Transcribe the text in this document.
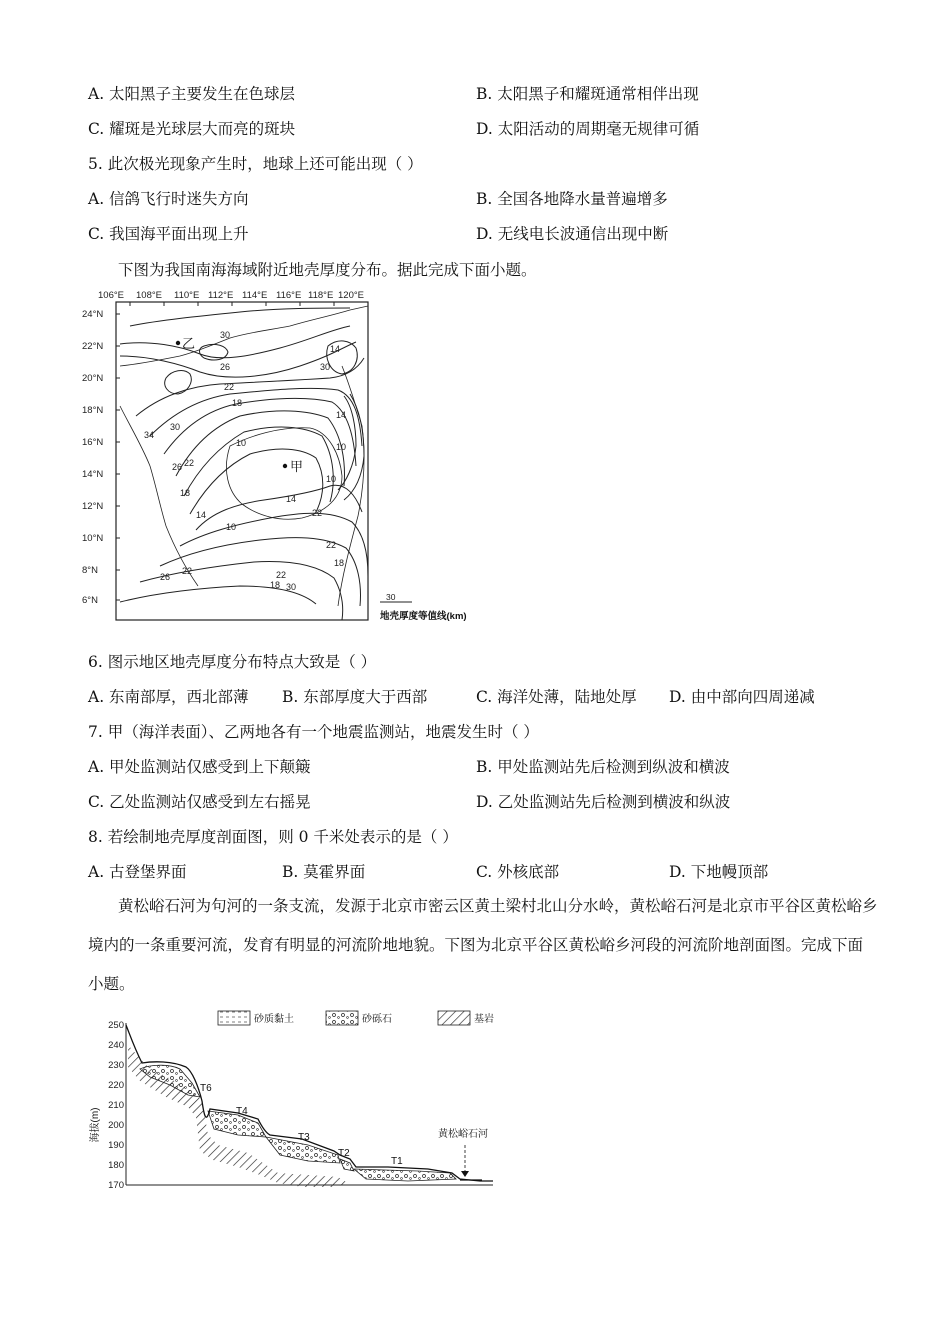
A. 太阳黑子主要发生在色球层	B. 太阳黑子和耀斑通常相伴出现
C. 耀斑是光球层大而亮的斑块	D. 太阳活动的周期毫无规律可循
5. 此次极光现象产生时，地球上还可能出现（ ）
A. 信鸽飞行时迷失方向	B. 全国各地降水量普遍增多
C. 我国海平面出现上升	D. 无线电长波通信出现中断
下图为我国南海海域附近地壳厚度分布。据此完成下面小题。
106°E 108°E 110°E 112°E 114°E 116°E 118°E 120°E
24°N
22°N
20°N
18°N
16°N
14°N
12°N
10°N
8°N
6°N
30
14
30
26
22
18
30
10
34
26 22
18
14
10
22
14
10
22
18
14
10
26
22
30
22
18
乙
甲
30
地壳厚度等值线(km)
6. 图示地区地壳厚度分布特点大致是（ ）
A. 东南部厚，西北部薄 B. 东部厚度大于西部	C. 海洋处薄，陆地处厚 D. 由中部向四周递减
7. 甲（海洋表面）、乙两地各有一个地震监测站，地震发生时（ ）
A. 甲处监测站仅感受到上下颠簸	B. 甲处监测站先后检测到纵波和横波
C. 乙处监测站仅感受到左右摇晃	D. 乙处监测站先后检测到横波和纵波
8. 若绘制地壳厚度剖面图，则 0 千米处表示的是（ ）
A. 古登堡界面	B. 莫霍界面	C. 外核底部	D. 下地幔顶部
黄松峪石河为句河的一条支流，发源于北京市密云区黄土梁村北山分水岭，黄松峪石河是北京市平谷区黄松峪乡境内的一条重要河流，发育有明显的河流阶地地貌。下图为北京平谷区黄松峪乡河段的河流阶地剖面图。完成下面小题。
砂质黏土	砂砾石	基岩
海拔(m)
250
240
230
220
210
200
190
180
170
T6
T4
T3
T2
T1
黄松峪石河
